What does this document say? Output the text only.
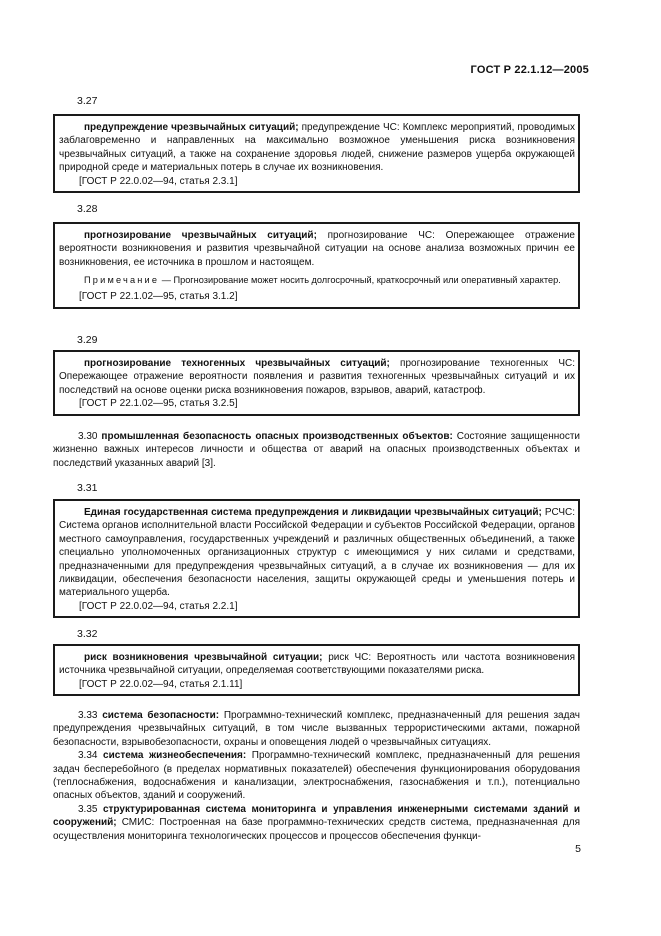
ГОСТ Р 22.1.12—2005
3.27

предупреждение чрезвычайных ситуаций; предупреждение ЧС: Комплекс мероприятий, проводимых заблаговременно и направленных на максимально возможное уменьшения риска возникновения чрезвычайных ситуаций, а также на сохранение здоровья людей, снижение размеров ущерба окружающей природной среде и материальных потерь в случае их возникновения.

[ГОСТ Р 22.0.02—94, статья 2.3.1]

3.28

прогнозирование чрезвычайных ситуаций; прогнозирование ЧС: Опережающее отражение вероятности возникновения и развития чрезвычайной ситуации на основе анализа возможных причин ее возникновения, ее источника в прошлом и настоящем.

Примечание — Прогнозирование может носить долгосрочный, краткосрочный или оперативный характер.

[ГОСТ Р 22.1.02—95, статья 3.1.2]

3.29

прогнозирование техногенных чрезвычайных ситуаций; прогнозирование техногенных ЧС: Опережающее отражение вероятности появления и развития техногенных чрезвычайных ситуаций и их последствий на основе оценки риска возникновения пожаров, взрывов, аварий, катастроф.

[ГОСТ Р 22.1.02—95, статья 3.2.5]

3.30 промышленная безопасность опасных производственных объектов: Состояние защищенности жизненно важных интересов личности и общества от аварий на опасных производственных объектах и последствий указанных аварий [3].

3.31

Единая государственная система предупреждения и ликвидации чрезвычайных ситуаций; РСЧС: Система органов исполнительной власти Российской Федерации и субъектов Российской Федерации, органов местного самоуправления, государственных учреждений и различных общественных объединений, а также специально уполномоченных организационных структур с имеющимися у них силами и средствами, предназначенными для предупреждения чрезвычайных ситуаций, а в случае их возникновения — для их ликвидации, обеспечения безопасности населения, защиты окружающей среды и уменьшения потерь и материального ущерба.

[ГОСТ Р 22.0.02—94, статья 2.2.1]

3.32

риск возникновения чрезвычайной ситуации; риск ЧС: Вероятность или частота возникновения источника чрезвычайной ситуации, определяемая соответствующими показателями риска.

[ГОСТ Р 22.0.02—94, статья 2.1.11]

3.33 система безопасности: Программно-технический комплекс, предназначенный для решения задач предупреждения чрезвычайных ситуаций, в том числе вызванных террористическими актами, пожарной безопасности, взрывобезопасности, охраны и оповещения людей о чрезвычайных ситуациях.

3.34 система жизнеобеспечения: Программно-технический комплекс, предназначенный для решения задач бесперебойного (в пределах нормативных показателей) обеспечения функционирования оборудования (теплоснабжения, водоснабжения и канализации, электроснабжения, газоснабжения и т.п.), потенциально опасных объектов, зданий и сооружений.

3.35 структурированная система мониторинга и управления инженерными системами зданий и сооружений; СМИС: Построенная на базе программно-технических средств система, предназначенная для осуществления мониторинга технологических процессов и процессов обеспечения функци-

5
